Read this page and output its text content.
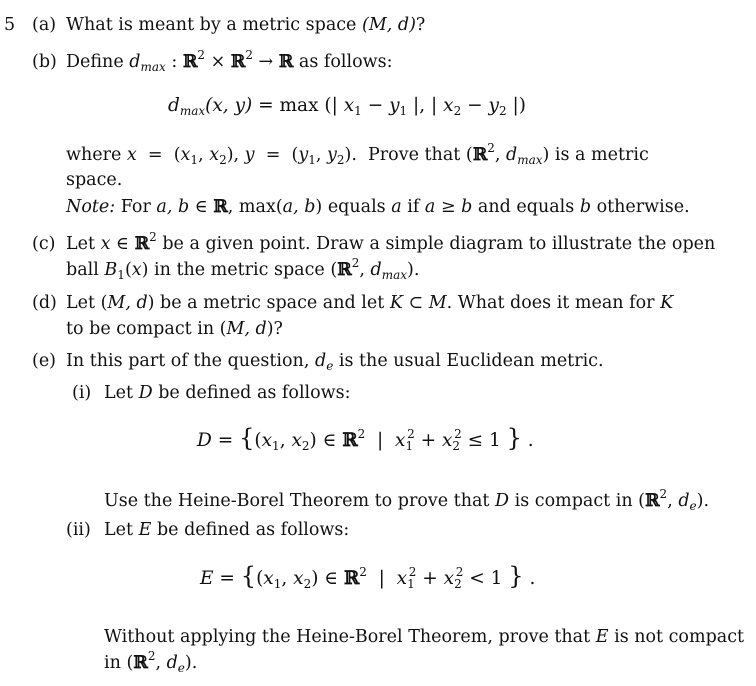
5 (a) What is meant by a metric space (M, d)?
(b) Define $d_{max}$ : ℝ$^2$ × ℝ$^2$ → ℝ as follows:
$d_{max}(x$, y) = max (| $x_1 - y_1$ |, | $x_2 - y_2$ |)
where $x = (x_1$, $x_2$), $y = (y_1$, $y_2$).  Prove that (ℝ$^2$, $d_{max}$) is a metric
space.
Note: For a, b ∈ ℝ, max(a, b) equals a if a ≥ b and equals b otherwise.
(c) Let x ∈ ℝ$^2$ be a given point. Draw a simple diagram to illustrate the open
ball $B_1(x)$ in the metric space (ℝ$^2$, $d_{max}$).
(d) Let (M, d) be a metric space and let K ⊂ M. What does it mean for K
to be compact in (M, d)?
(e) In this part of the question, $d_e$ is the usual Euclidean metric.
(i) Let D be defined as follows:
$D = \{(x_1$, $x_2$) ∈ ℝ$^2$  |  $x_1^2 + x_2^2 \le 1$ } .
Use the Heine-Borel Theorem to prove that D is compact in (ℝ$^2$, $d_e$).
(ii) Let E be defined as follows:
$E = \{(x_1$, $x_2$) ∈ ℝ$^2$  |  $x_1^2 + x_2^2 < 1$ } .
Without applying the Heine-Borel Theorem, prove that E is not compact
in (ℝ$^2$, $d_e$).
